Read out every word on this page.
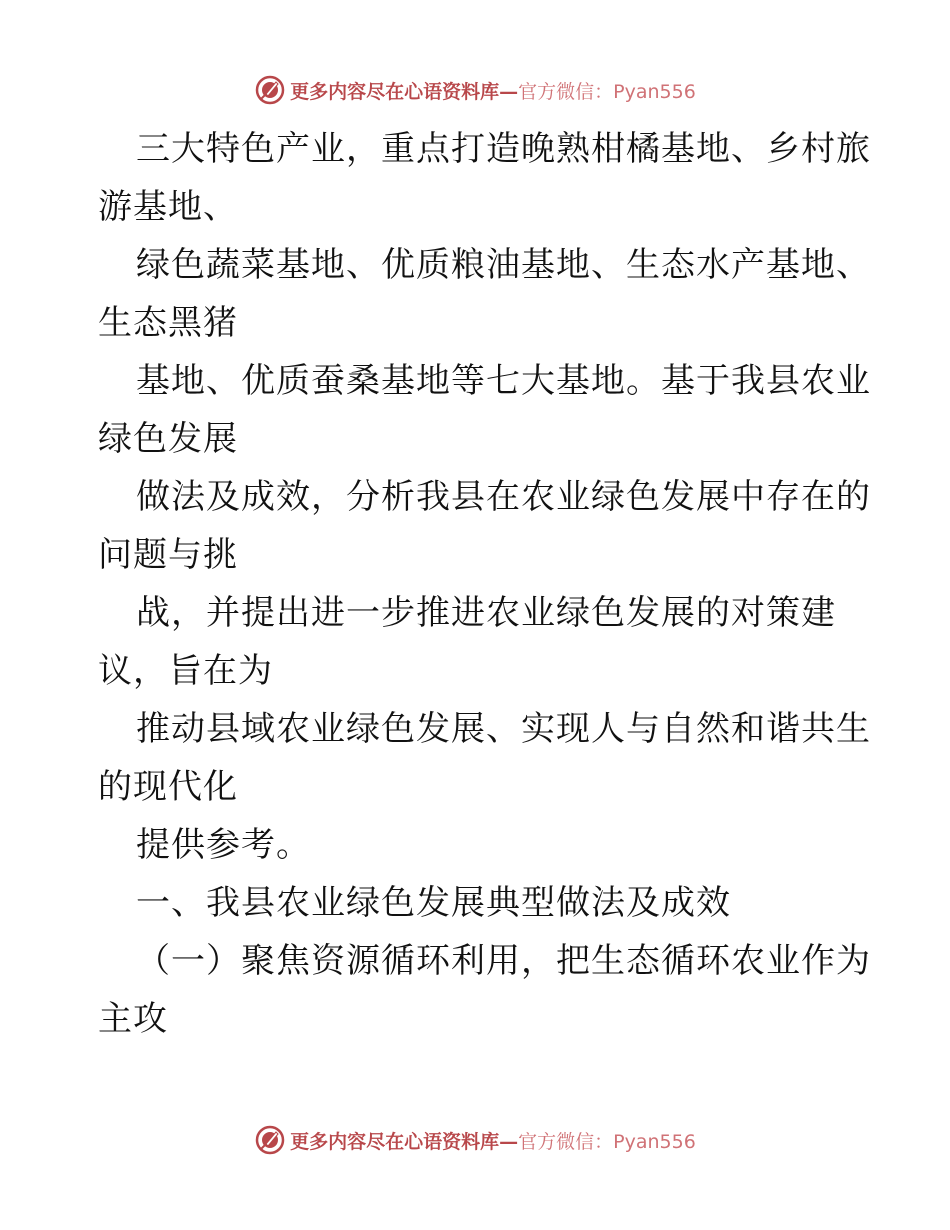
更多内容尽在心语资料库— 官方微信：Pyan556
三大特色产业，重点打造晚熟柑橘基地、乡村旅
游基地、
绿色蔬菜基地、优质粮油基地、生态水产基地、
生态黑猪
基地、优质蚕桑基地等七大基地。基于我县农业
绿色发展
做法及成效，分析我县在农业绿色发展中存在的
问题与挑
战，并提出进一步推进农业绿色发展的对策建
议，旨在为
推动县域农业绿色发展、实现人与自然和谐共生
的现代化
提供参考。
一、我县农业绿色发展典型做法及成效
（一）聚焦资源循环利用，把生态循环农业作为
主攻
更多内容尽在心语资料库— 官方微信：Pyan556
